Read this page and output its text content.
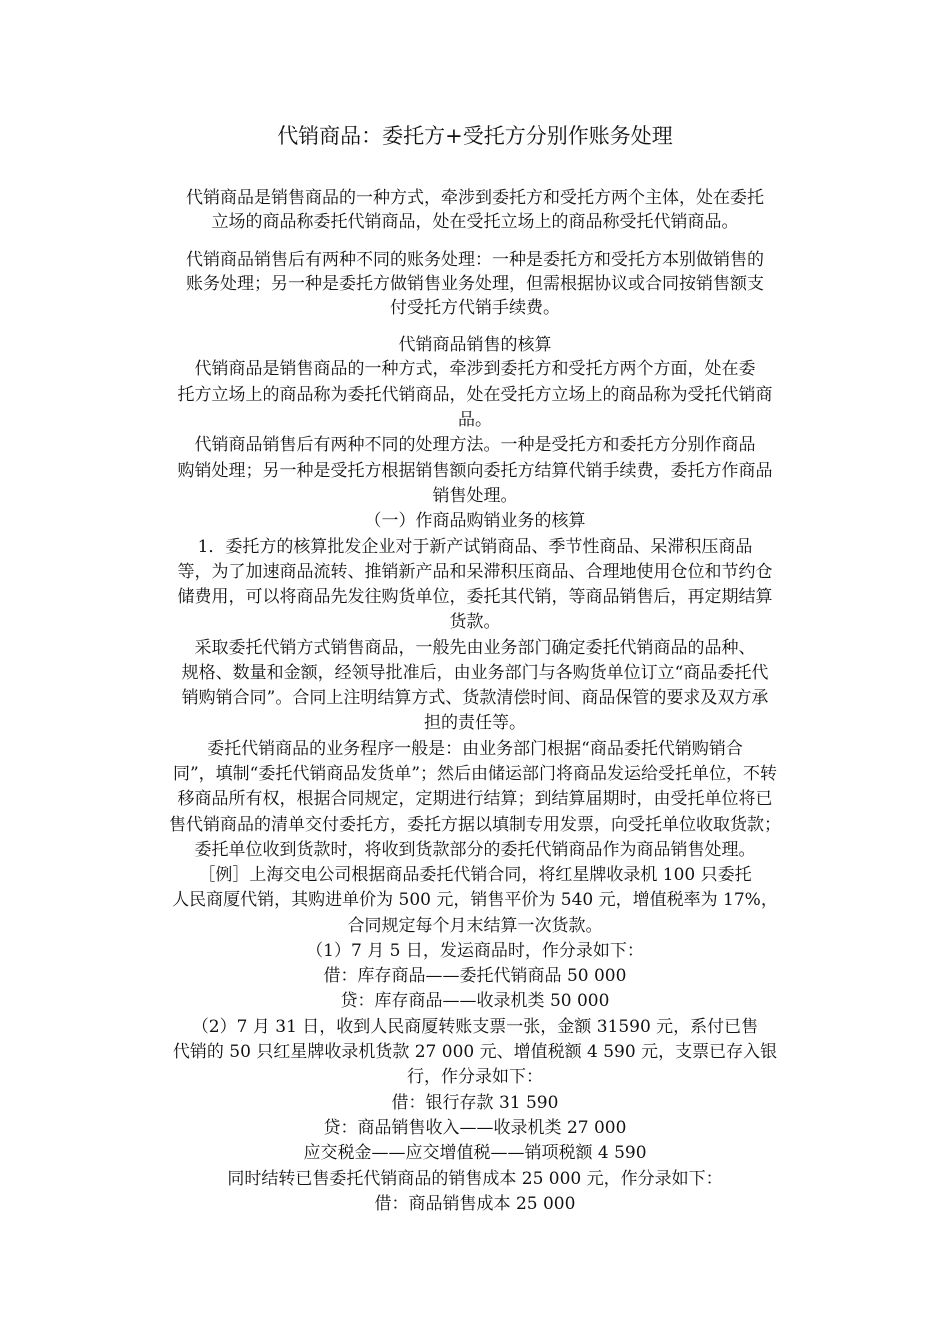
代销商品：委托方+受托方分别作账务处理
代销商品是销售商品的一种方式，牵涉到委托方和受托方两个主体，处在委托
立场的商品称委托代销商品，处在受托立场上的商品称受托代销商品。
代销商品销售后有两种不同的账务处理：一种是委托方和受托方本别做销售的
账务处理；另一种是委托方做销售业务处理，但需根据协议或合同按销售额支
付受托方代销手续费。
代销商品销售的核算
代销商品是销售商品的一种方式，牵涉到委托方和受托方两个方面，处在委
托方立场上的商品称为委托代销商品，处在受托方立场上的商品称为受托代销商
品。
代销商品销售后有两种不同的处理方法。一种是受托方和委托方分别作商品
购销处理；另一种是受托方根据销售额向委托方结算代销手续费，委托方作商品
销售处理。
（一）作商品购销业务的核算
1．委托方的核算批发企业对于新产试销商品、季节性商品、呆滞积压商品
等，为了加速商品流转、推销新产品和呆滞积压商品、合理地使用仓位和节约仓
储费用，可以将商品先发往购货单位，委托其代销，等商品销售后，再定期结算
货款。
采取委托代销方式销售商品，一般先由业务部门确定委托代销商品的品种、
规格、数量和金额，经领导批准后，由业务部门与各购货单位订立“商品委托代
销购销合同”。合同上注明结算方式、货款清偿时间、商品保管的要求及双方承
担的责任等。
委托代销商品的业务程序一般是：由业务部门根据“商品委托代销购销合
同”，填制“委托代销商品发货单”；然后由储运部门将商品发运给受托单位，不转
移商品所有权，根据合同规定，定期进行结算；到结算届期时，由受托单位将已
售代销商品的清单交付委托方，委托方据以填制专用发票，向受托单位收取货款；
委托单位收到货款时，将收到货款部分的委托代销商品作为商品销售处理。
［例］上海交电公司根据商品委托代销合同，将红星牌收录机 100 只委托
人民商厦代销，其购进单价为 500 元，销售平价为 540 元，增值税率为 17%，
合同规定每个月末结算一次货款。
（1）7 月 5 日，发运商品时，作分录如下：
借：库存商品——委托代销商品 50 000
贷：库存商品——收录机类 50 000
（2）7 月 31 日，收到人民商厦转账支票一张，金额 31590 元，系付已售
代销的 50 只红星牌收录机货款 27 000 元、增值税额 4 590 元，支票已存入银
行，作分录如下：
借：银行存款 31 590
贷：商品销售收入——收录机类 27 000
应交税金——应交增值税——销项税额 4 590
同时结转已售委托代销商品的销售成本 25 000 元，作分录如下：
借：商品销售成本 25 000
